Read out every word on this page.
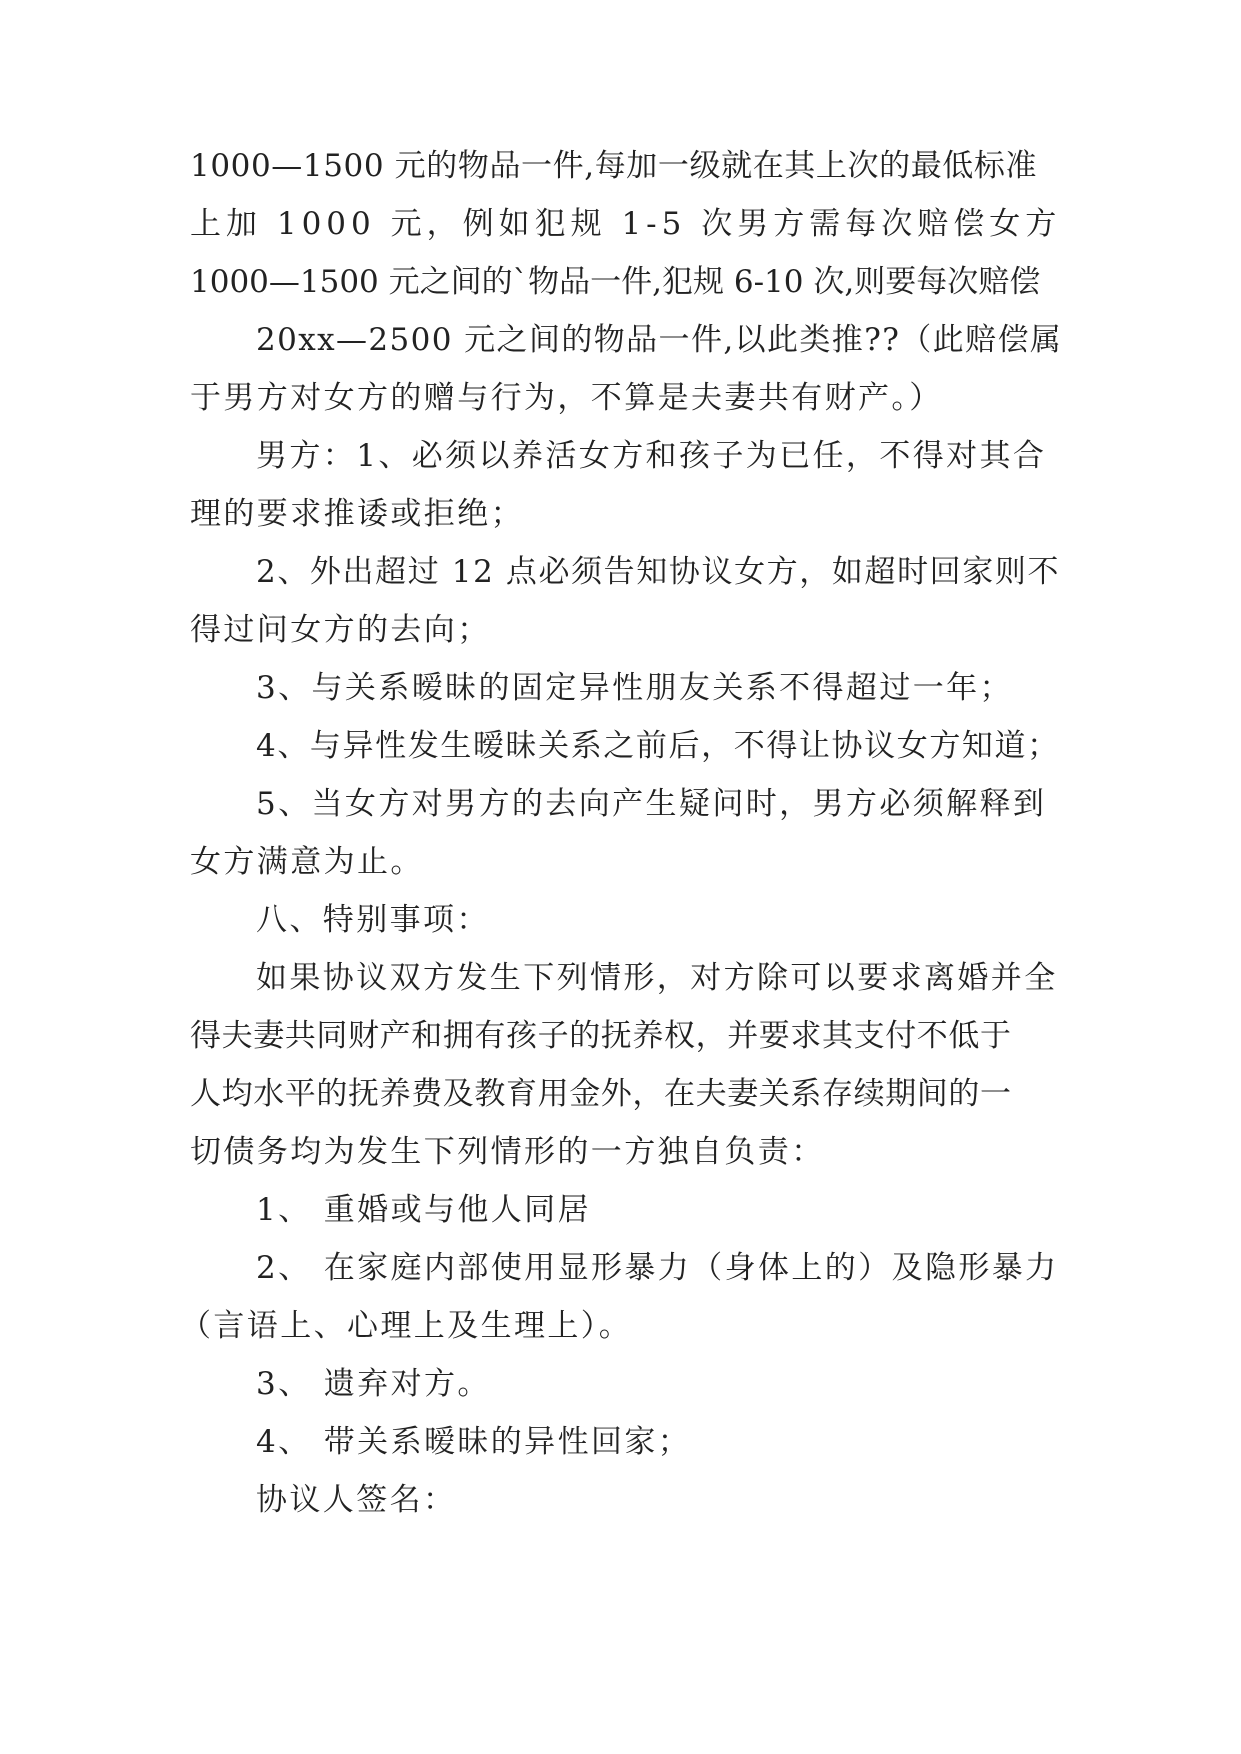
1000—1500 元的物品一件,每加一级就在其上次的最低标准
上加 1000 元，例如犯规 1-5 次男方需每次赔偿女方
1000—1500 元之间的`物品一件,犯规 6-10 次,则要每次赔偿
20xx—2500 元之间的物品一件,以此类推??（此赔偿属
于男方对女方的赠与行为，不算是夫妻共有财产。）
男方：1、必须以养活女方和孩子为已任，不得对其合
理的要求推诿或拒绝；
2、外出超过 12 点必须告知协议女方，如超时回家则不
得过问女方的去向；
3、与关系暧昧的固定异性朋友关系不得超过一年；
4、与异性发生暧昧关系之前后，不得让协议女方知道；
5、当女方对男方的去向产生疑问时，男方必须解释到
女方满意为止。
八、特别事项：
如果协议双方发生下列情形，对方除可以要求离婚并全
得夫妻共同财产和拥有孩子的抚养权，并要求其支付不低于
人均水平的抚养费及教育用金外，在夫妻关系存续期间的一
切债务均为发生下列情形的一方独自负责：
1、 重婚或与他人同居
2、 在家庭内部使用显形暴力（身体上的）及隐形暴力
（言语上、心理上及生理上）。
3、 遗弃对方。
4、 带关系暧昧的异性回家；
协议人签名：
